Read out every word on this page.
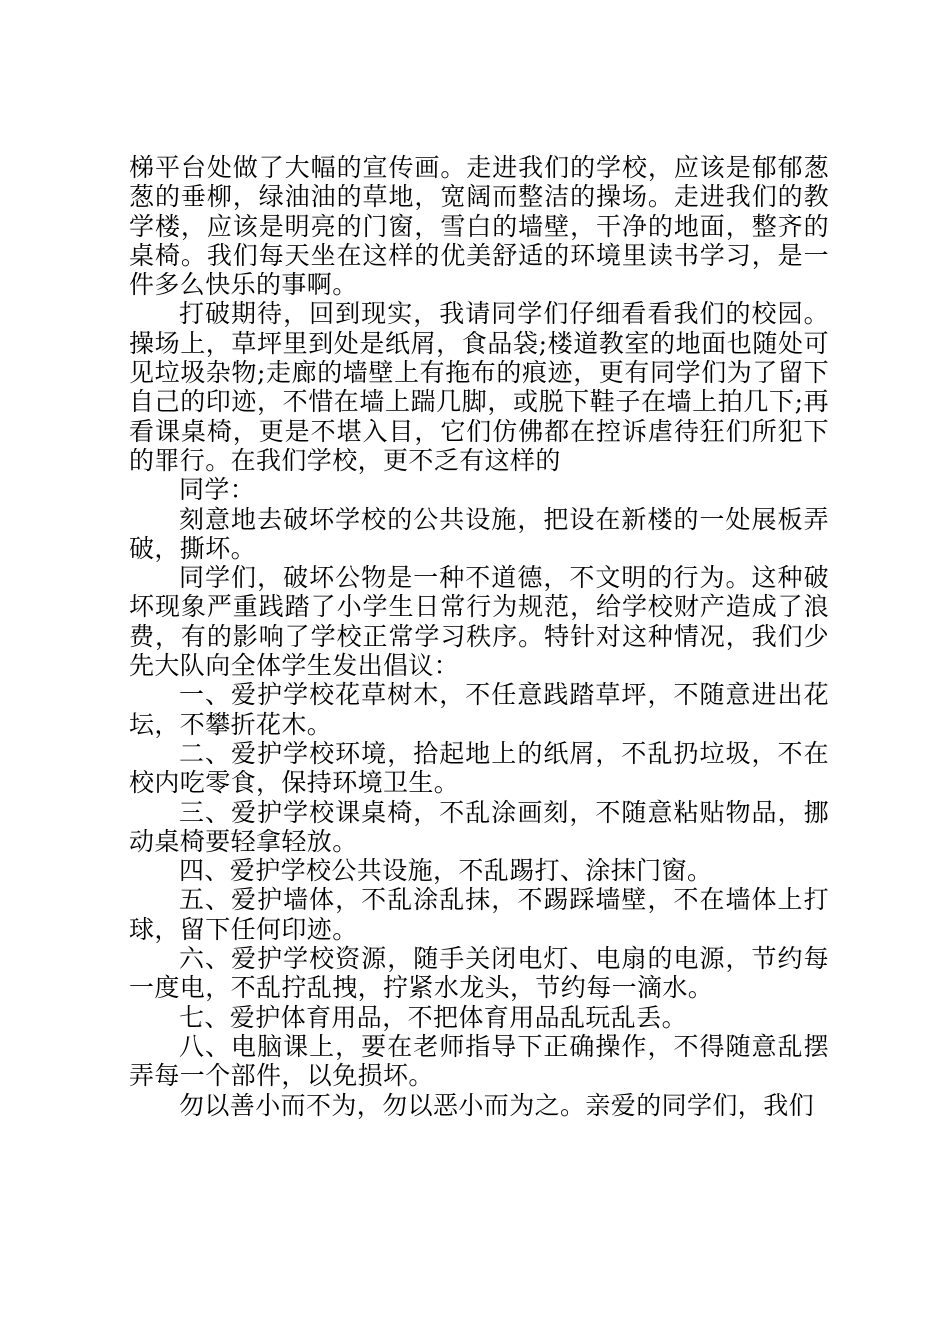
梯平台处做了大幅的宣传画。走进我们的学校，应该是郁郁葱葱的垂柳，绿油油的草地，宽阔而整洁的操场。走进我们的教学楼，应该是明亮的门窗，雪白的墙壁，干净的地面，整齐的桌椅。我们每天坐在这样的优美舒适的环境里读书学习，是一件多么快乐的事啊。

打破期待，回到现实，我请同学们仔细看看我们的校园。操场上，草坪里到处是纸屑，食品袋;楼道教室的地面也随处可见垃圾杂物;走廊的墙壁上有拖布的痕迹，更有同学们为了留下自己的印迹，不惜在墙上踹几脚，或脱下鞋子在墙上拍几下;再看课桌椅，更是不堪入目，它们仿佛都在控诉虐待狂们所犯下的罪行。在我们学校，更不乏有这样的

同学：

刻意地去破坏学校的公共设施，把设在新楼的一处展板弄破，撕坏。

同学们，破坏公物是一种不道德，不文明的行为。这种破坏现象严重践踏了小学生日常行为规范，给学校财产造成了浪费，有的影响了学校正常学习秩序。特针对这种情况，我们少先大队向全体学生发出倡议：

一、爱护学校花草树木，不任意践踏草坪，不随意进出花坛，不攀折花木。

二、爱护学校环境，拾起地上的纸屑，不乱扔垃圾，不在校内吃零食，保持环境卫生。

三、爱护学校课桌椅，不乱涂画刻，不随意粘贴物品，挪动桌椅要轻拿轻放。

四、爱护学校公共设施，不乱踢打、涂抹门窗。

五、爱护墙体，不乱涂乱抹，不踢踩墙壁，不在墙体上打球，留下任何印迹。

六、爱护学校资源，随手关闭电灯、电扇的电源，节约每一度电，不乱拧乱拽，拧紧水龙头，节约每一滴水。

七、爱护体育用品，不把体育用品乱玩乱丢。

八、电脑课上，要在老师指导下正确操作，不得随意乱摆弄每一个部件，以免损坏。

勿以善小而不为，勿以恶小而为之。亲爱的同学们，我们
